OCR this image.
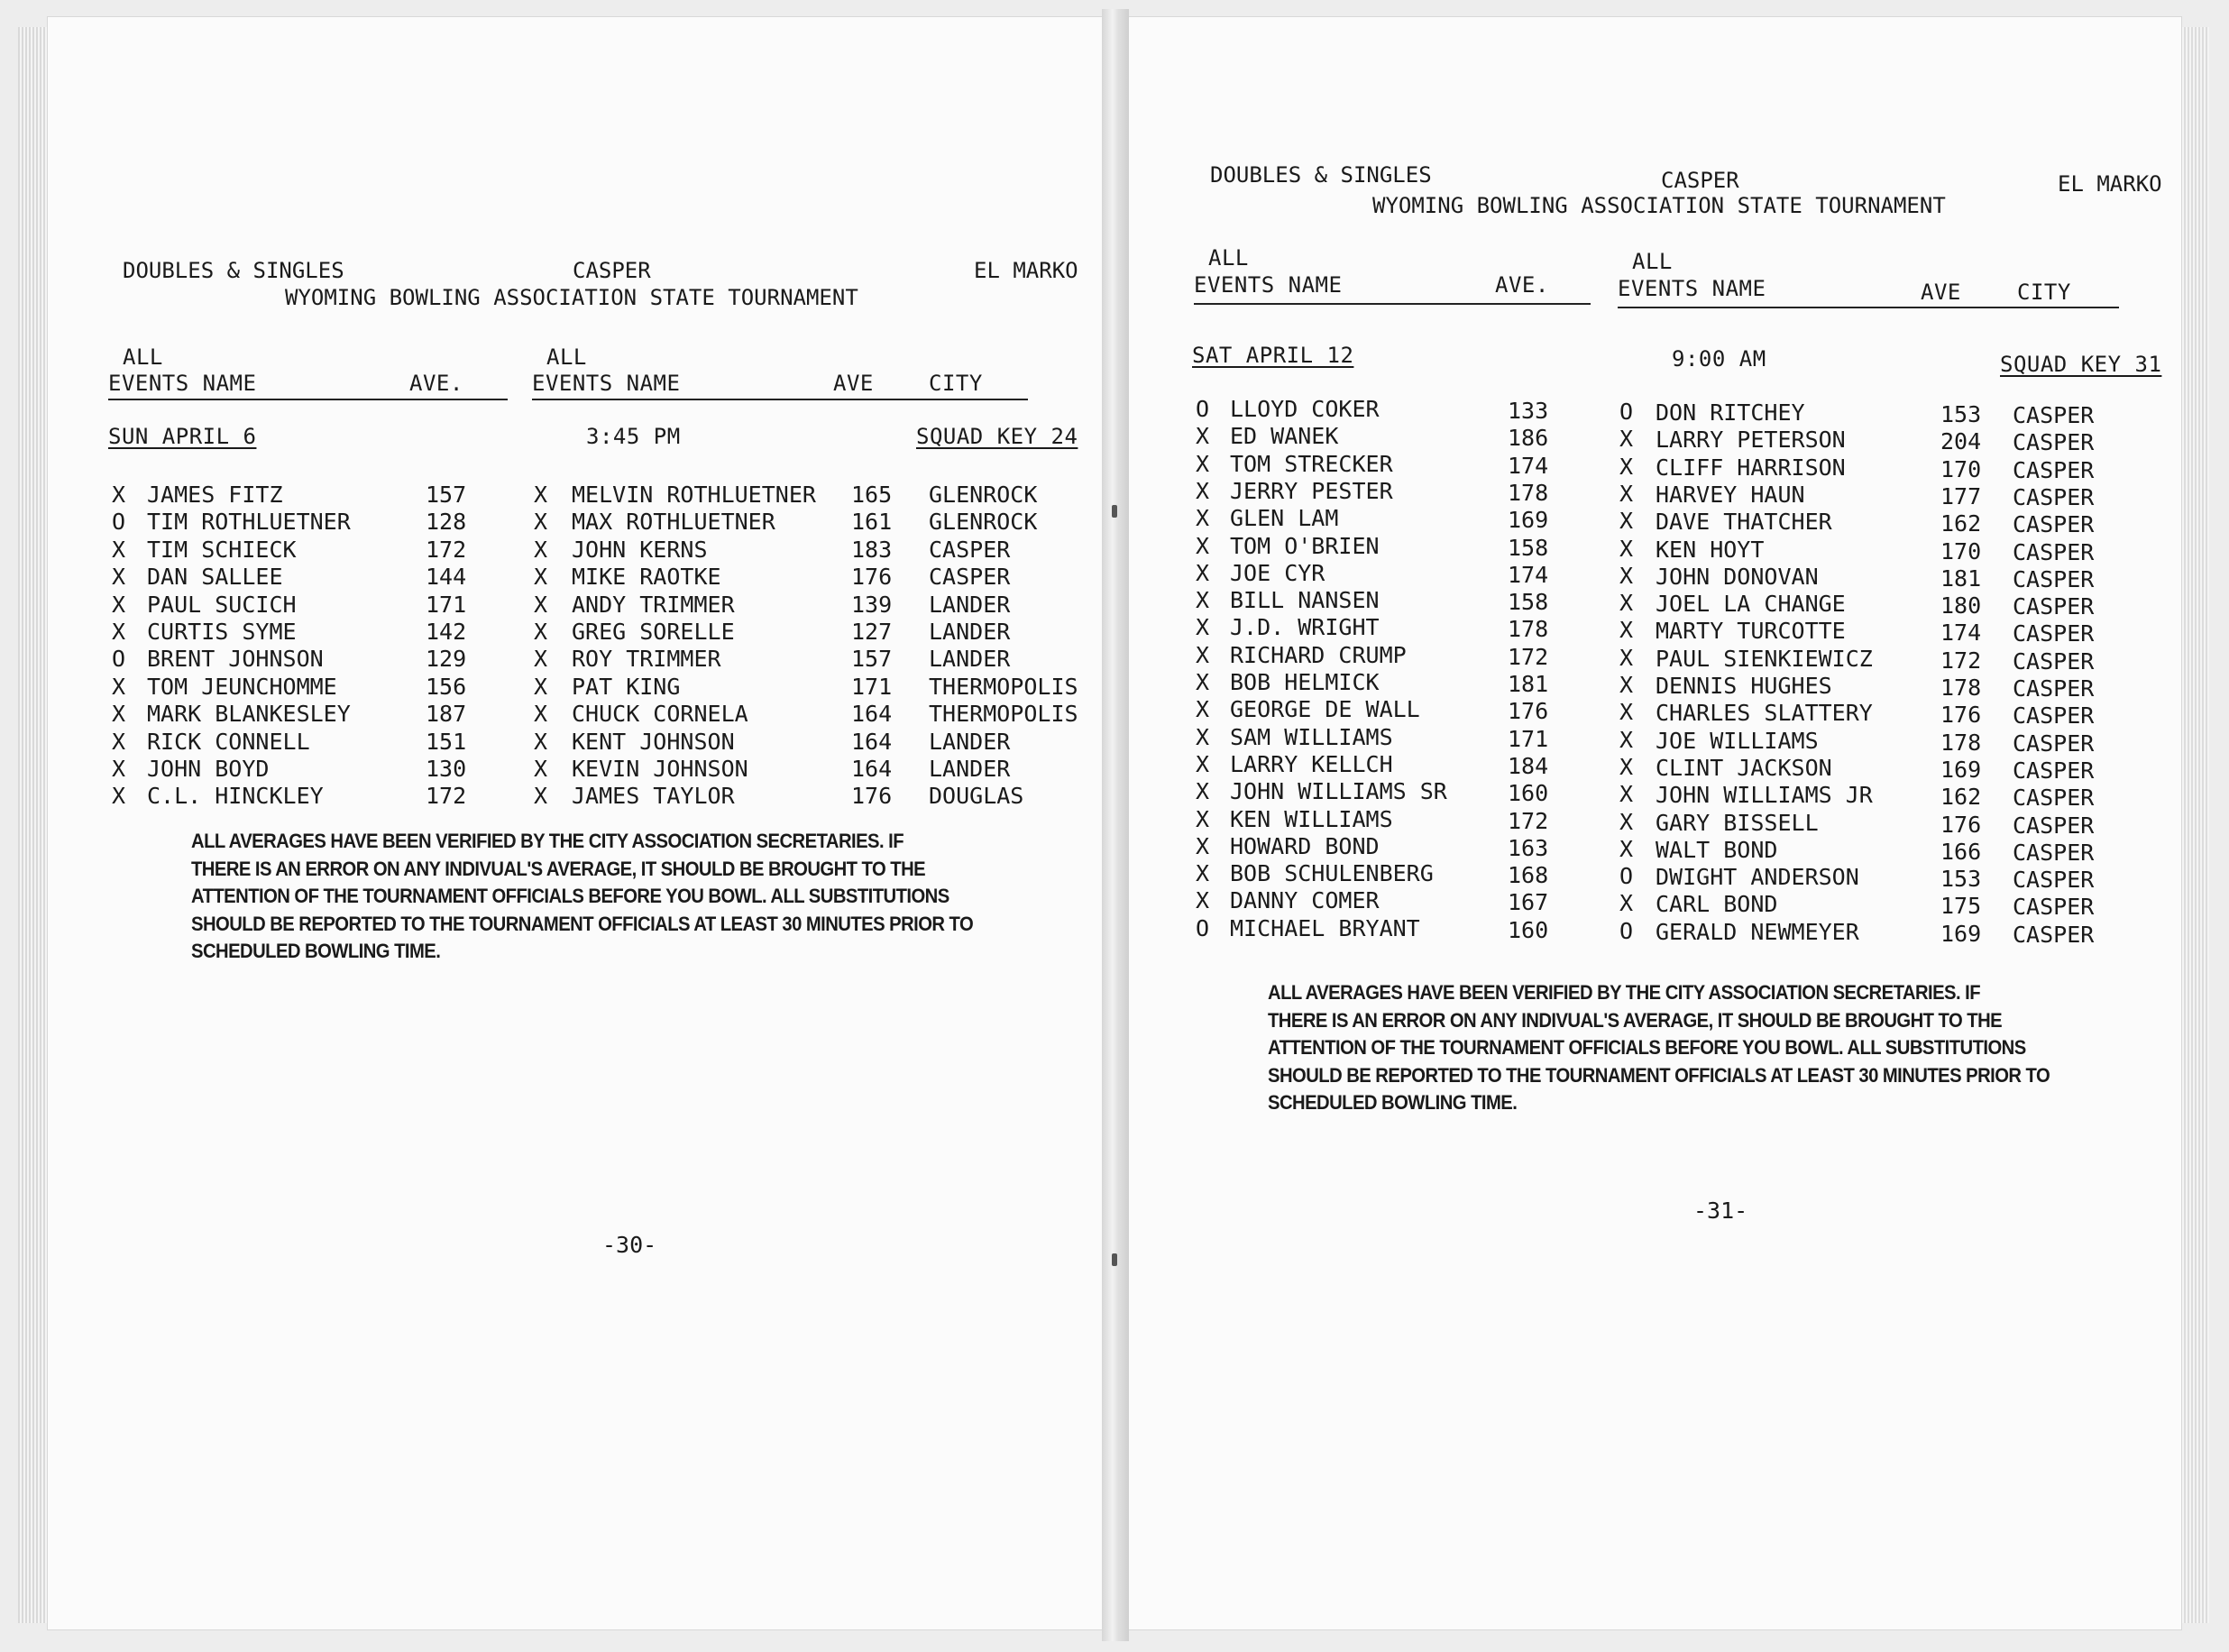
DOUBLES & SINGLES	CASPER	EL MARKO
WYOMING BOWLING ASSOCIATION STATE TOURNAMENT
ALL
EVENTS NAME	AVE.
ALL
EVENTS NAME	AVE	CITY
SUN APRIL 6	3:45 PM	SQUAD KEY 24
X JAMES FITZ	157	X MELVIN ROTHLUETNER 165 GLENROCK
O TIM ROTHLUETNER	128	X MAX ROTHLUETNER	161 GLENROCK
X TIM SCHIECK	172	X JOHN KERNS	183 CASPER
X DAN SALLEE	144	X MIKE RAOTKE	176 CASPER
X PAUL SUCICH	171	X ANDY TRIMMER	139 LANDER
X CURTIS SYME	142	X GREG SORELLE	127 LANDER
O BRENT JOHNSON	129	X ROY TRIMMER	157 LANDER
X TOM JEUNCHOMME	156	X PAT KING	171 THERMOPOLIS
X MARK BLANKESLEY	187	X CHUCK CORNELA	164 THERMOPOLIS
X RICK CONNELL	151	X KENT JOHNSON	164 LANDER
X JOHN BOYD	130	X KEVIN JOHNSON	164 LANDER
X C.L. HINCKLEY	172	X JAMES TAYLOR	176 DOUGLAS
ALL AVERAGES HAVE BEEN VERIFIED BY THE CITY ASSOCIATION SECRETARIES. IF
THERE IS AN ERROR ON ANY INDIVUAL'S AVERAGE, IT SHOULD BE BROUGHT TO THE
ATTENTION OF THE TOURNAMENT OFFICIALS BEFORE YOU BOWL. ALL SUBSTITUTIONS
SHOULD BE REPORTED TO THE TOURNAMENT OFFICIALS AT LEAST 30 MINUTES PRIOR TO
SCHEDULED BOWLING TIME.
-30-
DOUBLES & SINGLES	CASPER	EL MARKO
WYOMING BOWLING ASSOCIATION STATE TOURNAMENT
ALL
EVENTS NAME	AVE.
ALL
EVENTS NAME	AVE	CITY
SAT APRIL 12	9:00 AM	SQUAD KEY 31
O LLOYD COKER	133	O DON RITCHEY	153 CASPER
X ED WANEK	186	X LARRY PETERSON	204 CASPER
X TOM STRECKER	174	X CLIFF HARRISON	170 CASPER
X JERRY PESTER	178	X HARVEY HAUN	177 CASPER
X GLEN LAM	169	X DAVE THATCHER	162 CASPER
X TOM O'BRIEN	158	X KEN HOYT	170 CASPER
X JOE CYR	174	X JOHN DONOVAN	181 CASPER
X BILL NANSEN	158	X JOEL LA CHANGE	180 CASPER
X J.D. WRIGHT	178	X MARTY TURCOTTE	174 CASPER
X RICHARD CRUMP	172	X PAUL SIENKIEWICZ	172 CASPER
X BOB HELMICK	181	X DENNIS HUGHES	178 CASPER
X GEORGE DE WALL	176	X CHARLES SLATTERY	176 CASPER
X SAM WILLIAMS	171	X JOE WILLIAMS	178 CASPER
X LARRY KELLCH	184	X CLINT JACKSON	169 CASPER
X JOHN WILLIAMS SR	160	X JOHN WILLIAMS JR	162 CASPER
X KEN WILLIAMS	172	X GARY BISSELL	176 CASPER
X HOWARD BOND	163	X WALT BOND	166 CASPER
X BOB SCHULENBERG	168	O DWIGHT ANDERSON	153 CASPER
X DANNY COMER	167	X CARL BOND	175 CASPER
O MICHAEL BRYANT	160	O GERALD NEWMEYER	169 CASPER
ALL AVERAGES HAVE BEEN VERIFIED BY THE CITY ASSOCIATION SECRETARIES. IF
THERE IS AN ERROR ON ANY INDIVUAL'S AVERAGE, IT SHOULD BE BROUGHT TO THE
ATTENTION OF THE TOURNAMENT OFFICIALS BEFORE YOU BOWL. ALL SUBSTITUTIONS
SHOULD BE REPORTED TO THE TOURNAMENT OFFICIALS AT LEAST 30 MINUTES PRIOR TO
SCHEDULED BOWLING TIME.
-31-
